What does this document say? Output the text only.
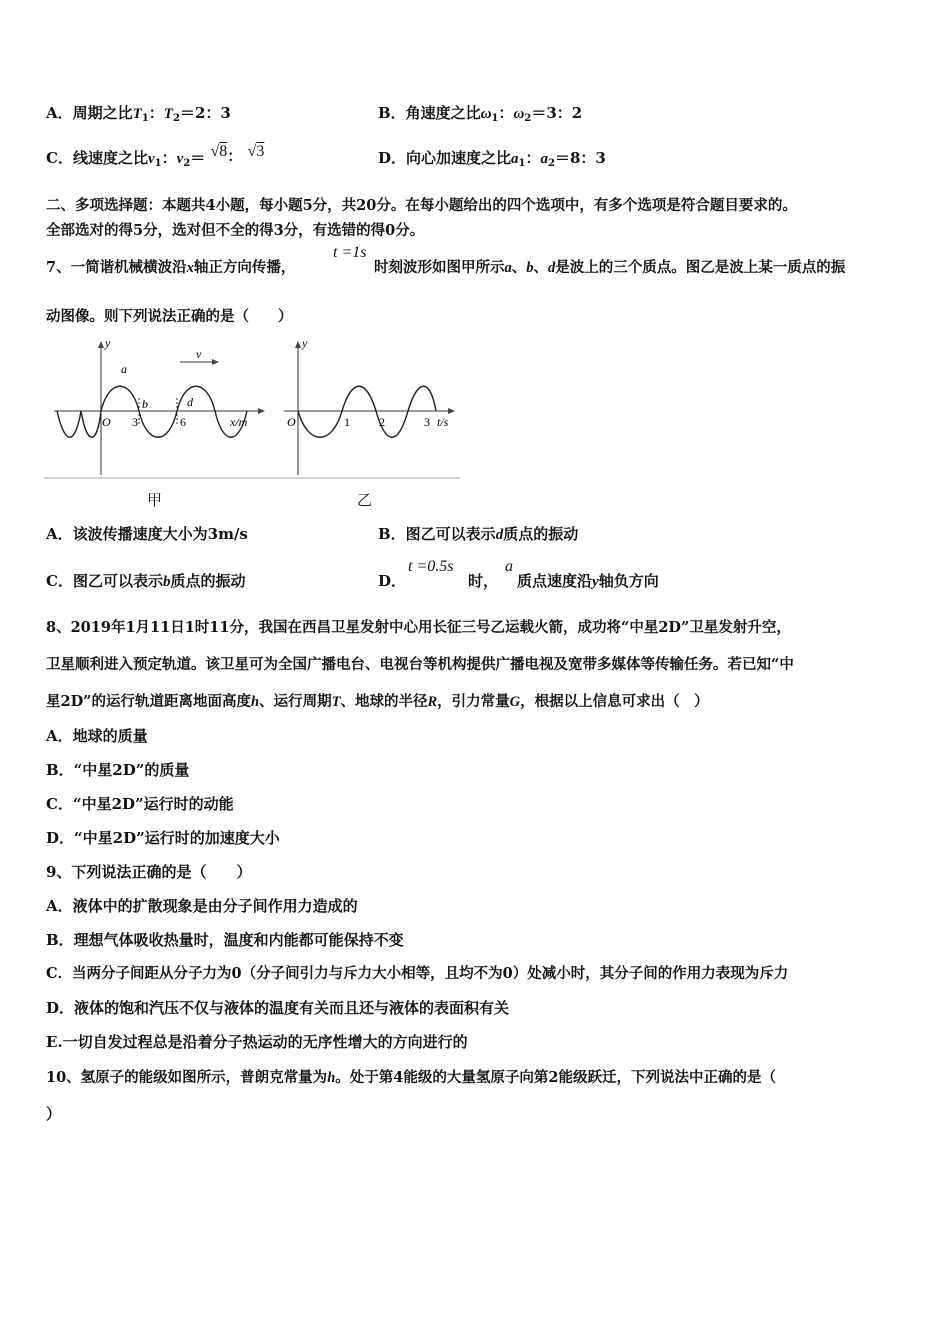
A．周期之比$T_1$：$T_2=2$：3	B．角速度之比$\omega_1$：$\omega_2=3$：2
C．线速度之比$v_1$：$v_2= √8$： √3	D．向心加速度之比$a_1$：$a_2=8$：3
二、多项选择题：本题共4小题，每小题5分，共20分。在每小题给出的四个选项中，有多个选项是符合题目要求的。
全部选对的得5分，选对但不全的得3分，有选错的得0分。
7、一简谐机械横波沿x轴正方向传播，
t =1s
时刻波形如图甲所示a、b、d是波上的三个质点。图乙是波上某一质点的振
动图像。则下列说法正确的是（　　）
y
a
b	d
v
O 3	6	x/m
y
O	1 2	3 t/s
甲	乙
A．该波传播速度大小为3m/s	B．图乙可以表示d质点的振动
C．图乙可以表示b质点的振动	D．
t =0.5s
时，
a
质点速度沿y轴负方向
8、2019年1月11日1时11分，我国在西昌卫星发射中心用长征三号乙运载火箭，成功将“中星2D”卫星发射升空，
卫星顺利进入预定轨道。该卫星可为全国广播电台、电视台等机构提供广播电视及宽带多媒体等传输任务。若已知“中
星2D”的运行轨道距离地面高度h、运行周期T、地球的半径R，引力常量G，根据以上信息可求出（　）
A．地球的质量
B．“中星2D”的质量
C．“中星2D”运行时的动能
D．“中星2D”运行时的加速度大小
9、下列说法正确的是（　　）
A．液体中的扩散现象是由分子间作用力造成的
B．理想气体吸收热量时，温度和内能都可能保持不变
C．当两分子间距从分子力为0（分子间引力与斥力大小相等，且均不为0）处减小时，其分子间的作用力表现为斥力
D．液体的饱和汽压不仅与液体的温度有关而且还与液体的表面积有关
E.一切自发过程总是沿着分子热运动的无序性增大的方向进行的
10、氢原子的能级如图所示，普朗克常量为h。处于第4能级的大量氢原子向第2能级跃迁，下列说法中正确的是（
）
